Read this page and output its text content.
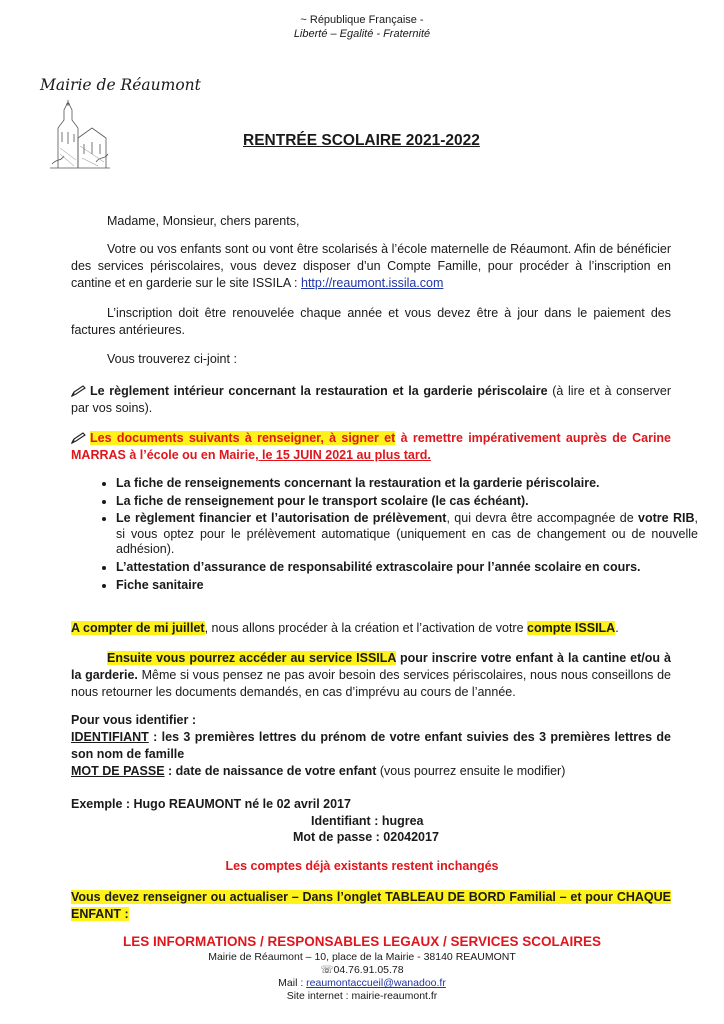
~ République Française -
Liberté – Egalité - Fraternité
Mairie de Réaumont
RENTRÉE SCOLAIRE 2021-2022

Madame, Monsieur, chers parents,

Votre ou vos enfants sont ou vont être scolarisés à l’école maternelle de Réaumont. Afin de bénéficier des services périscolaires, vous devez disposer d’un Compte Famille, pour procéder à l’inscription en cantine et en garderie sur le site ISSILA : http://reaumont.issila.com

L’inscription doit être renouvelée chaque année et vous devez être à jour dans le paiement des factures antérieures.

Vous trouverez ci-joint :

Le règlement intérieur concernant la restauration et la garderie périscolaire (à lire et à conserver par vos soins).

Les documents suivants à renseigner, à signer et à remettre impérativement auprès de Carine MARRAS à l’école ou en Mairie, le 15 JUIN 2021 au plus tard.

• La fiche de renseignements concernant la restauration et la garderie périscolaire.
• La fiche de renseignement pour le transport scolaire (le cas échéant).
• Le règlement financier et l’autorisation de prélèvement, qui devra être accompagnée de votre RIB, si vous optez pour le prélèvement automatique (uniquement en cas de changement ou de nouvelle adhésion).
• L’attestation d’assurance de responsabilité extrascolaire pour l’année scolaire en cours.
• Fiche sanitaire

A compter de mi juillet, nous allons procéder à la création et l’activation de votre compte ISSILA.

Ensuite vous pourrez accéder au service ISSILA pour inscrire votre enfant à la cantine et/ou à la garderie. Même si vous pensez ne pas avoir besoin des services périscolaires, nous nous conseillons de nous retourner les documents demandés, en cas d’imprévu au cours de l’année.

Pour vous identifier :
IDENTIFIANT : les 3 premières lettres du prénom de votre enfant suivies des 3 premières lettres de son nom de famille
MOT DE PASSE : date de naissance de votre enfant (vous pourrez ensuite le modifier)
Exemple : Hugo REAUMONT né le 02 avril 2017
Identifiant : hugrea
Mot de passe : 02042017
Les comptes déjà existants restent inchangés

Vous devez renseigner ou actualiser – Dans l’onglet TABLEAU DE BORD Familial – et pour CHAQUE ENFANT :

LES INFORMATIONS / RESPONSABLES LEGAUX / SERVICES SCOLAIRES
Mairie de Réaumont – 10, place de la Mairie - 38140 REAUMONT
☏04.76.91.05.78
Mail : reaumontaccueil@wanadoo.fr
Site internet : mairie-reaumont.fr
